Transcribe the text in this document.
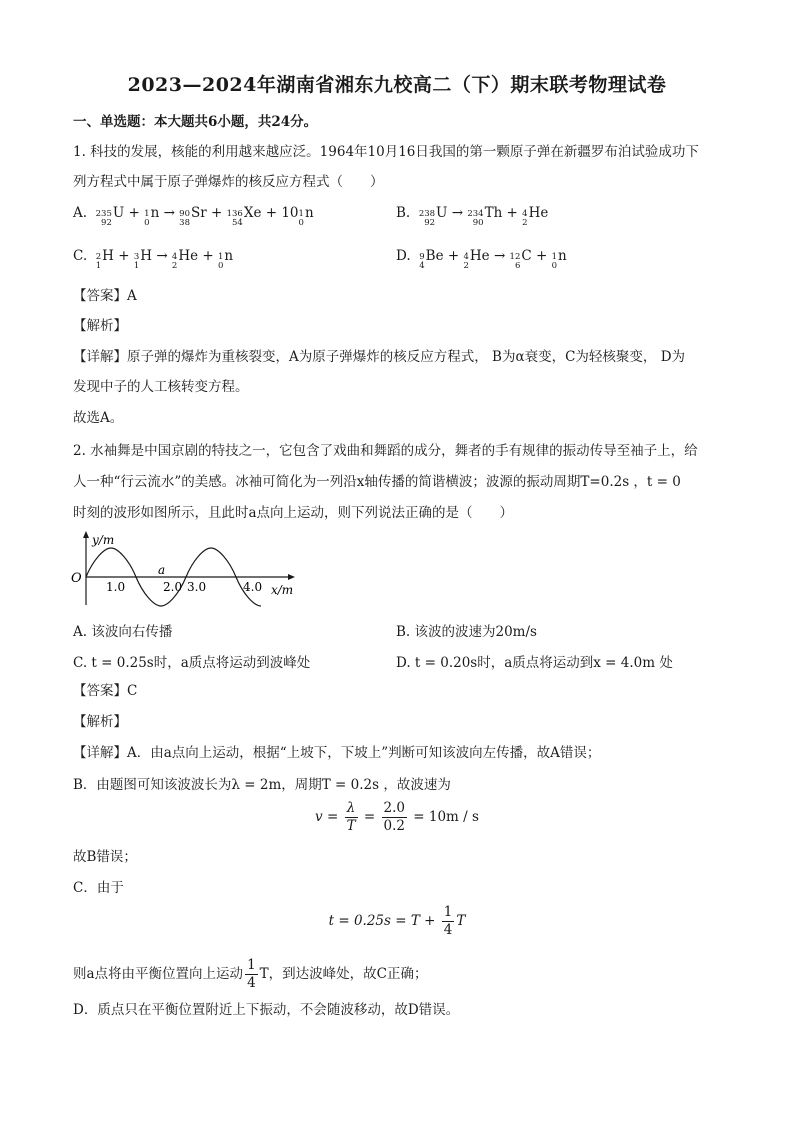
2023—2024年湖南省湘东九校高二（下）期末联考物理试卷
一、单选题：本大题共6小题，共24分。
1. 科技的发展，核能的利用越来越应泛。1964年10月16日我国的第一颗原子弹在新疆罗布泊试验成功下
列方程式中属于原子弹爆炸的核反应方程式（　　）
A. 235
92
U + 1
0
n → 90
38
Sr + 136
54
Xe + 10 1
0
n	B. 238
92
U → 234
90
Th + 4
2
He
C. 2
1
H + 3
1
H → 4
2
He + 1
0
n	D. 9
4
Be + 4
2
He → 12
6
C + 1
0
n
【答案】A
【解析】
【详解】原子弹的爆炸为重核裂变，A为原子弹爆炸的核反应方程式， B为α衰变，C为轻核聚变， D为
发现中子的人工核转变方程。
故选A。
2. 水袖舞是中国京剧的特技之一，它包含了戏曲和舞蹈的成分，舞者的手有规律的振动传导至袖子上，给
人一种“行云流水”的美感。冰袖可简化为一列沿x轴传播的简谐横波；波源的振动周期T=0.2s ，t = 0
时刻的波形如图所示，且此时a点向上运动，则下列说法正确的是（　　）
y/m
O
a
1.0	2.0 3.0	4.0 x/m
A. 该波向右传播	B. 该波的波速为20m/s
C. t = 0.25s时，a质点将运动到波峰处	D. t = 0.20s时，a质点将运动到x = 4.0m 处
【答案】C
【解析】
【详解】A．由a点向上运动，根据“上坡下，下坡上”判断可知该波向左传播，故A错误；
B．由题图可知该波波长为λ = 2m，周期T = 0.2s ，故波速为
$v = \frac{\lambda}{T} = \frac{2.0}{0.2} = 10m / s$
故B错误；
C．由于
$t = 0.25s = T + \frac{1}{4}$ T
则a点将由平衡位置向上运动 $\frac{1}{4}$ T，到达波峰处，故C正确；
D．质点只在平衡位置附近上下振动，不会随波移动，故D错误。
